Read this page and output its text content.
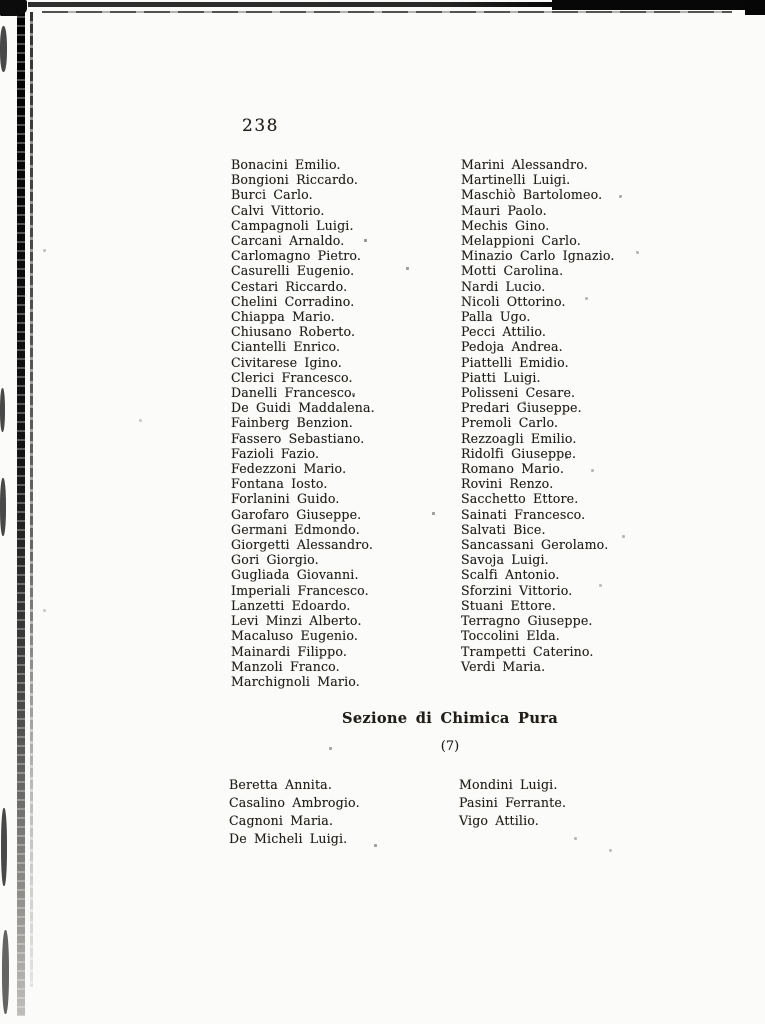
238
Bonacini Emilio.
Bongioni Riccardo.
Burci Carlo.
Calvi Vittorio.
Campagnoli Luigi.
Carcani Arnaldo.
Carlomagno Pietro.
Casurelli Eugenio.
Cestari Riccardo.
Chelini Corradino.
Chiappa Mario.
Chiusano Roberto.
Ciantelli Enrico.
Civitarese Igino.
Clerici Francesco.
Danelli Francesco.
De Guidi Maddalena.
Fainberg Benzion.
Fassero Sebastiano.
Fazioli Fazio.
Fedezzoni Mario.
Fontana Iosto.
Forlanini Guido.
Garofaro Giuseppe.
Germani Edmondo.
Giorgetti Alessandro.
Gori Giorgio.
Gugliada Giovanni.
Imperiali Francesco.
Lanzetti Edoardo.
Levi Minzi Alberto.
Macaluso Eugenio.
Mainardi Filippo.
Manzoli Franco.
Marchignoli Mario.
Marini Alessandro.
Martinelli Luigi.
Maschiò Bartolomeo.
Mauri Paolo.
Mechis Gino.
Melappioni Carlo.
Minazio Carlo Ignazio.
Motti Carolina.
Nardi Lucio.
Nicoli Ottorino.
Palla Ugo.
Pecci Attilio.
Pedoja Andrea.
Piattelli Emidio.
Piatti Luigi.
Polisseni Cesare.
Predari Giuseppe.
Premoli Carlo.
Rezzoagli Emilio.
Ridolfi Giuseppe.
Romano Mario.
Rovini Renzo.
Sacchetto Ettore.
Sainati Francesco.
Salvati Bice.
Sancassani Gerolamo.
Savoja Luigi.
Scalfi Antonio.
Sforzini Vittorio.
Stuani Ettore.
Terragno Giuseppe.
Toccolini Elda.
Trampetti Caterino.
Verdi Maria.
Sezione di Chimica Pura
(7)
Beretta Annita.
Casalino Ambrogio.
Cagnoni Maria.
De Micheli Luigi.
Mondini Luigi.
Pasini Ferrante.
Vigo Attilio.
